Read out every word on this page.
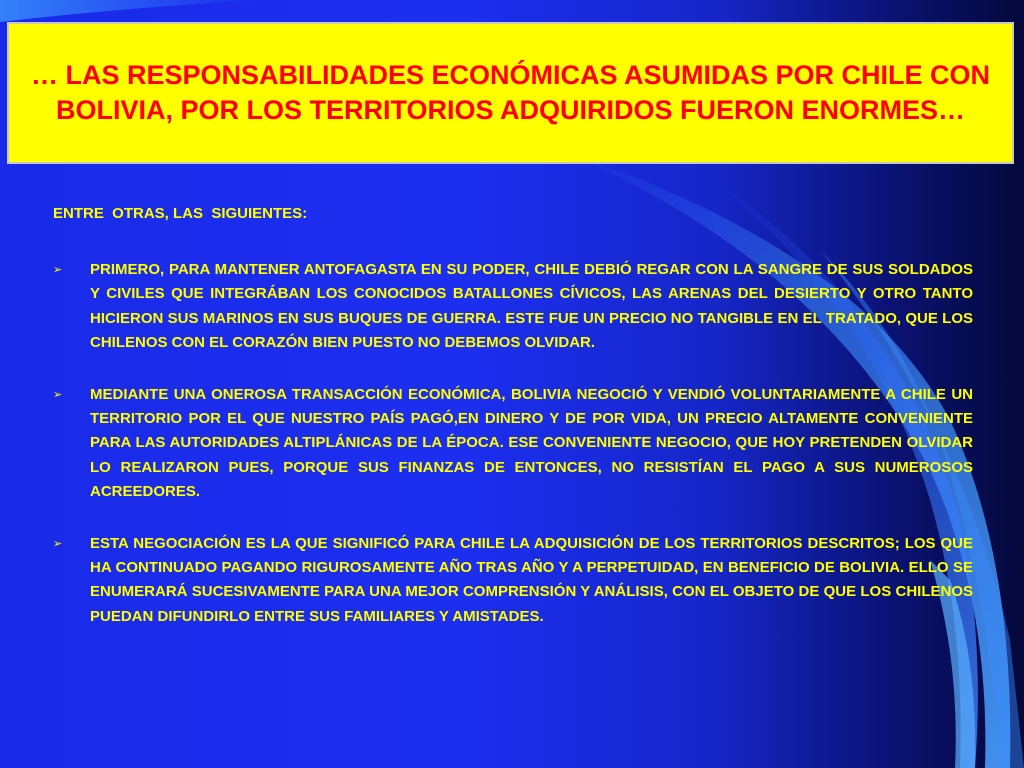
… LAS RESPONSABILIDADES ECONÓMICAS ASUMIDAS POR CHILE CON BOLIVIA, POR LOS TERRITORIOS ADQUIRIDOS FUERON ENORMES…
ENTRE  OTRAS, LAS  SIGUIENTES:
➢ PRIMERO, PARA MANTENER ANTOFAGASTA EN SU PODER, CHILE DEBIÓ REGAR CON LA SANGRE DE SUS SOLDADOS Y CIVILES QUE INTEGRÁBAN LOS CONOCIDOS BATALLONES CÍVICOS, LAS ARENAS DEL DESIERTO Y OTRO TANTO HICIERON SUS MARINOS EN SUS BUQUES DE GUERRA. ESTE FUE UN PRECIO NO TANGIBLE EN EL TRATADO, QUE LOS CHILENOS CON EL CORAZÓN BIEN PUESTO NO DEBEMOS OLVIDAR.
➢ MEDIANTE UNA ONEROSA TRANSACCIÓN ECONÓMICA, BOLIVIA NEGOCIÓ Y VENDIÓ VOLUNTARIAMENTE A CHILE UN TERRITORIO POR EL QUE NUESTRO PAÍS PAGÓ,EN DINERO Y DE POR VIDA, UN PRECIO ALTAMENTE CONVENIENTE PARA LAS AUTORIDADES ALTIPLÁNICAS DE LA ÉPOCA. ESE CONVENIENTE NEGOCIO, QUE HOY PRETENDEN OLVIDAR LO REALIZARON PUES, PORQUE SUS FINANZAS DE ENTONCES, NO RESISTÍAN EL PAGO A SUS NUMEROSOS ACREEDORES.
➢ ESTA NEGOCIACIÓN ES LA QUE SIGNIFICÓ PARA CHILE LA ADQUISICIÓN DE LOS TERRITORIOS DESCRITOS; LOS QUE HA CONTINUADO PAGANDO RIGUROSAMENTE AÑO TRAS AÑO Y A PERPETUIDAD, EN BENEFICIO DE BOLIVIA. ELLO SE ENUMERARÁ SUCESIVAMENTE PARA UNA MEJOR COMPRENSIÓN Y ANÁLISIS, CON EL OBJETO DE QUE LOS CHILENOS PUEDAN DIFUNDIRLO ENTRE SUS FAMILIARES Y AMISTADES.
